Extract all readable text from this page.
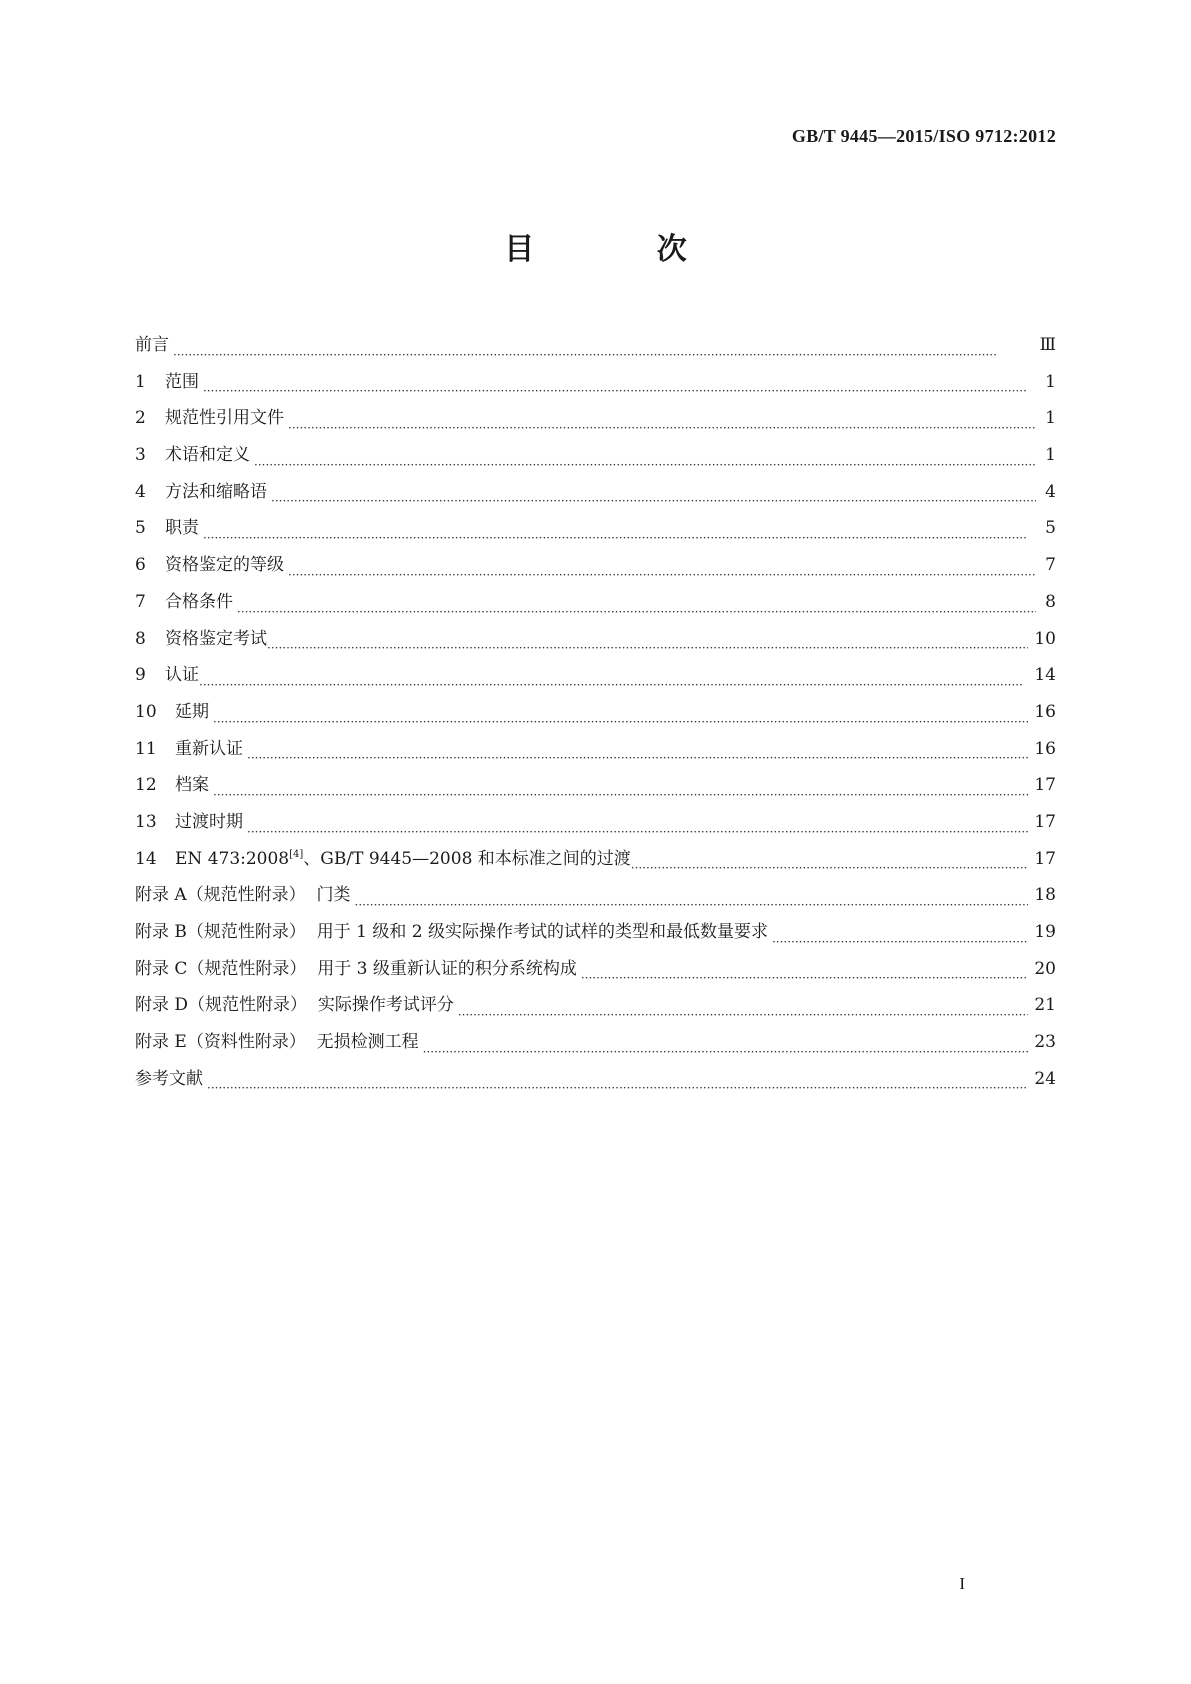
GB/T 9445—2015/ISO 9712:2012
目 次
前言 ·····	Ⅲ
1 范围 ·····	1
2 规范性引用文件 ·····	1
3 术语和定义 ·····	1
4 方法和缩略语 ·····	4
5 职责 ·····	5
6 资格鉴定的等级 ·····	7
7 合格条件 ·····	8
8 资格鉴定考试 ·····	10
9 认证 ·····	14
10 延期 ·····	16
11 重新认证 ·····	16
12 档案 ·····	17
13 过渡时期 ·····	17
14 EN 473:2008[4]、GB/T 9445—2008 和本标准之间的过渡 ·····	17
附录 A（规范性附录）  门类 ·····	18
附录 B（规范性附录）  用于 1 级和 2 级实际操作考试的试样的类型和最低数量要求 ·····	19
附录 C（规范性附录）  用于 3 级重新认证的积分系统构成 ·····	20
附录 D（规范性附录）  实际操作考试评分 ·····	21
附录 E（资料性附录）  无损检测工程 ·····	23
参考文献 ·····	24
I
